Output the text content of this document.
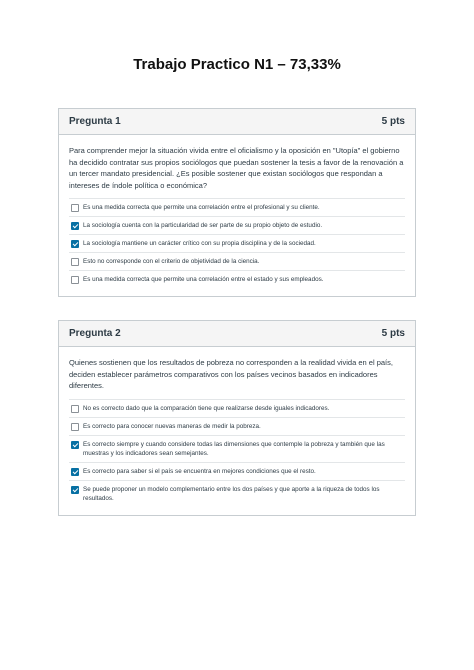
Trabajo Practico N1 – 73,33%
Pregunta 1	5 pts

Para comprender mejor la situación vivida entre el oficialismo y la oposición en "Utopía" el gobierno ha decidido contratar sus propios sociólogos que puedan sostener la tesis a favor de la renovación a un tercer mandato presidencial. ¿Es posible sostener que existan sociólogos que respondan a intereses de índole política o económica?

Es una medida correcta que permite una correlación entre el profesional y su cliente.
La sociología cuenta con la particularidad de ser parte de su propio objeto de estudio.
La sociología mantiene un carácter crítico con su propia disciplina y de la sociedad.
Esto no corresponde con el criterio de objetividad de la ciencia.
Es una medida correcta que permite una correlación entre el estado y sus empleados.
Pregunta 2	5 pts

Quienes sostienen que los resultados de pobreza no corresponden a la realidad vivida en el país, deciden establecer parámetros comparativos con los países vecinos basados en indicadores diferentes.

No es correcto dado que la comparación tiene que realizarse desde iguales indicadores.
Es correcto para conocer nuevas maneras de medir la pobreza.
Es correcto siempre y cuando considere todas las dimensiones que contemple la pobreza y también que las muestras y los indicadores sean semejantes.
Es correcto para saber si el país se encuentra en mejores condiciones que el resto.
Se puede proponer un modelo complementario entre los dos países y que aporte a la riqueza de todos los resultados.
